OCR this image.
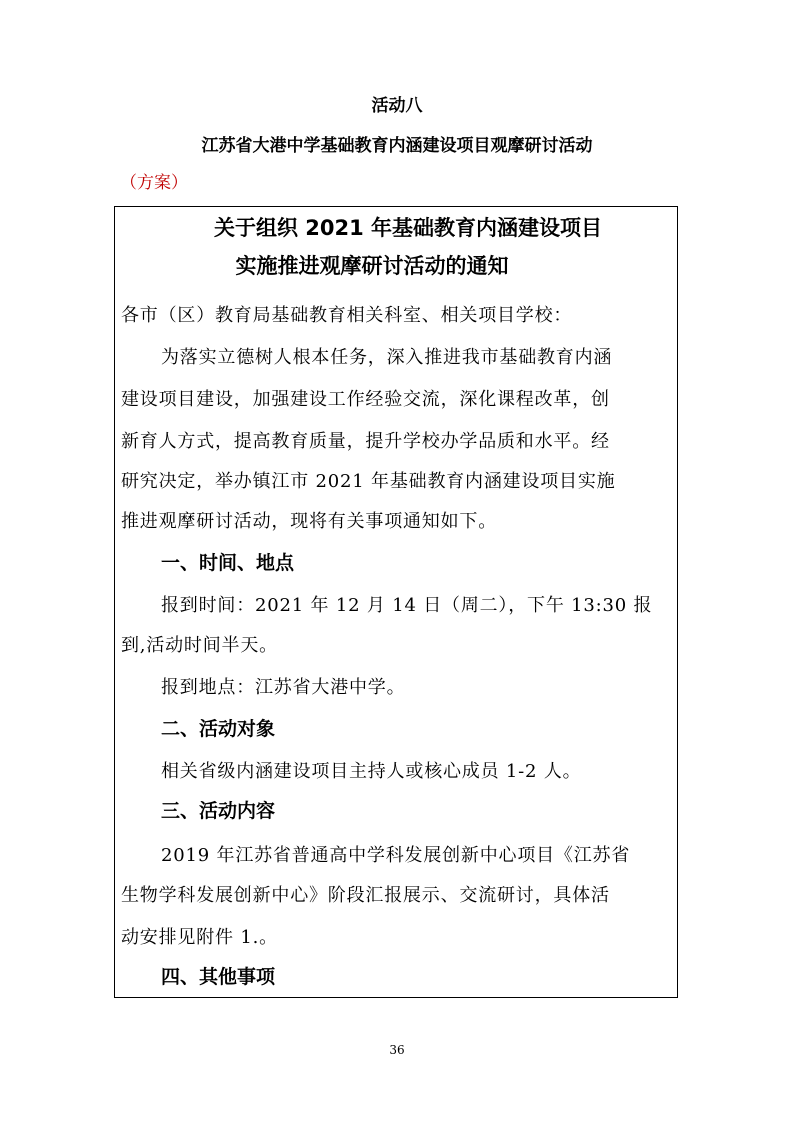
活动八
江苏省大港中学基础教育内涵建设项目观摩研讨活动
（方案）
关于组织 2021 年基础教育内涵建设项目
实施推进观摩研讨活动的通知
各市（区）教育局基础教育相关科室、相关项目学校：
为落实立德树人根本任务，深入推进我市基础教育内涵
建设项目建设，加强建设工作经验交流，深化课程改革，创
新育人方式，提高教育质量，提升学校办学品质和水平。经
研究决定，举办镇江市 2021 年基础教育内涵建设项目实施
推进观摩研讨活动，现将有关事项通知如下。
一、时间、地点
报到时间：2021 年 12 月 14 日（周二），下午 13:30 报
到,活动时间半天。
报到地点：江苏省大港中学。
二、活动对象
相关省级内涵建设项目主持人或核心成员 1-2 人。
三、活动内容
2019 年江苏省普通高中学科发展创新中心项目《江苏省
生物学科发展创新中心》阶段汇报展示、交流研讨，具体活
动安排见附件 1.。
四、其他事项
36
